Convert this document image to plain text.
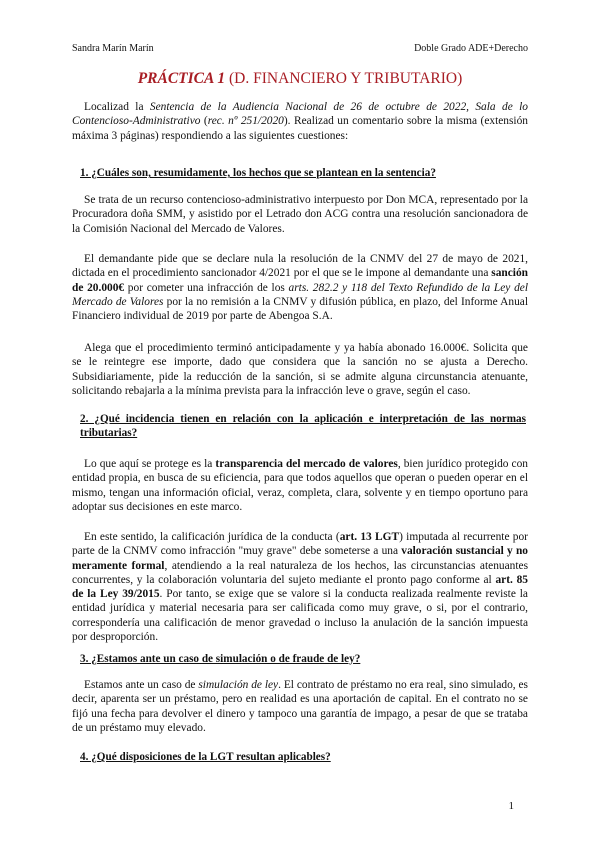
Sandra Marín Marín	Doble Grado ADE+Derecho
PRÁCTICA 1 (D. FINANCIERO Y TRIBUTARIO)

Localizad la Sentencia de la Audiencia Nacional de 26 de octubre de 2022, Sala de lo Contencioso-Administrativo (rec. nº 251/2020). Realizad un comentario sobre la misma (extensión máxima 3 páginas) respondiendo a las siguientes cuestiones:

1. ¿Cuáles son, resumidamente, los hechos que se plantean en la sentencia?

Se trata de un recurso contencioso-administrativo interpuesto por Don MCA, representado por la Procuradora doña SMM, y asistido por el Letrado don ACG contra una resolución sancionadora de la Comisión Nacional del Mercado de Valores.

El demandante pide que se declare nula la resolución de la CNMV del 27 de mayo de 2021, dictada en el procedimiento sancionador 4/2021 por el que se le impone al demandante una sanción de 20.000€ por cometer una infracción de los arts. 282.2 y 118 del Texto Refundido de la Ley del Mercado de Valores por la no remisión a la CNMV y difusión pública, en plazo, del Informe Anual Financiero individual de 2019 por parte de Abengoa S.A.

Alega que el procedimiento terminó anticipadamente y ya había abonado 16.000€. Solicita que se le reintegre ese importe, dado que considera que la sanción no se ajusta a Derecho. Subsidiariamente, pide la reducción de la sanción, si se admite alguna circunstancia atenuante, solicitando rebajarla a la mínima prevista para la infracción leve o grave, según el caso.

2. ¿Qué incidencia tienen en relación con la aplicación e interpretación de las normas tributarias?

Lo que aquí se protege es la transparencia del mercado de valores, bien jurídico protegido con entidad propia, en busca de su eficiencia, para que todos aquellos que operan o pueden operar en el mismo, tengan una información oficial, veraz, completa, clara, solvente y en tiempo oportuno para adoptar sus decisiones en este marco.

En este sentido, la calificación jurídica de la conducta (art. 13 LGT) imputada al recurrente por parte de la CNMV como infracción "muy grave" debe someterse a una valoración sustancial y no meramente formal, atendiendo a la real naturaleza de los hechos, las circunstancias atenuantes concurrentes, y la colaboración voluntaria del sujeto mediante el pronto pago conforme al art. 85 de la Ley 39/2015. Por tanto, se exige que se valore si la conducta realizada realmente reviste la entidad jurídica y material necesaria para ser calificada como muy grave, o si, por el contrario, correspondería una calificación de menor gravedad o incluso la anulación de la sanción impuesta por desproporción.

3. ¿Estamos ante un caso de simulación o de fraude de ley?

Estamos ante un caso de simulación de ley. El contrato de préstamo no era real, sino simulado, es decir, aparenta ser un préstamo, pero en realidad es una aportación de capital. En el contrato no se fijó una fecha para devolver el dinero y tampoco una garantía de impago, a pesar de que se trataba de un préstamo muy elevado.

4. ¿Qué disposiciones de la LGT resultan aplicables?

1
